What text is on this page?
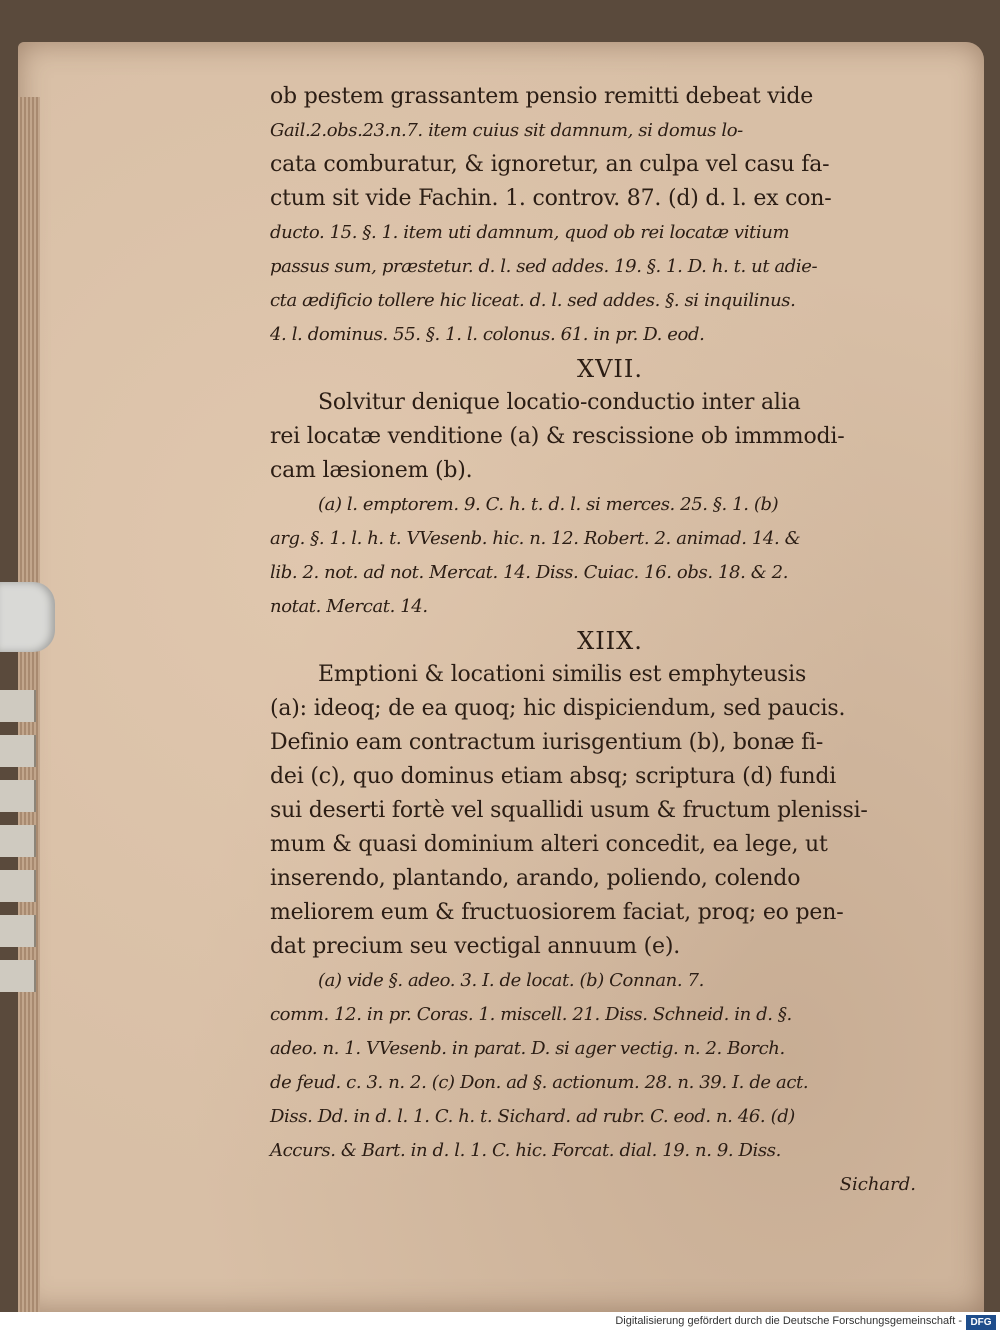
ob pestem grassantem pensio remitti debeat vide
Gail.2.obs.23.n.7. item cuius sit damnum, si domus lo-
cata comburatur, & ignoretur, an culpa vel casu fa-
ctum sit vide Fachin. 1. controv. 87. (d) d. l. ex con-
ducto. 15. §. 1. item uti damnum, quod ob rei locatæ vitium
passus sum, præstetur. d. l. sed addes. 19. §. 1. D. h. t. ut adie-
cta ædificio tollere hic liceat. d. l. sed addes. §. si inquilinus.
4. l. dominus. 55. §. 1. l. colonus. 61. in pr. D. eod.
XVII.
Solvitur denique locatio-conductio inter alia
rei locatæ venditione (a) & rescissione ob immmodi-
cam læsionem (b).
(a) l. emptorem. 9. C. h. t. d. l. si merces. 25. §. 1. (b)
arg. §. 1. l. h. t. VVesenb. hic. n. 12. Robert. 2. animad. 14. &
lib. 2. not. ad not. Mercat. 14. Diss. Cuiac. 16. obs. 18. & 2.
notat. Mercat. 14.
XIIX.
Emptioni & locationi similis est emphyteusis
(a): ideoq; de ea quoq; hic dispiciendum, sed paucis.
Definio eam contractum iurisgentium (b), bonæ fi-
dei (c), quo dominus etiam absq; scriptura (d) fundi
sui deserti fortè vel squallidi usum & fructum plenissi-
mum & quasi dominium alteri concedit, ea lege, ut
inserendo, plantando, arando, poliendo, colendo
meliorem eum & fructuosiorem faciat, proq; eo pen-
dat precium seu vectigal annuum (e).
(a) vide §. adeo. 3. I. de locat. (b) Connan. 7.
comm. 12. in pr. Coras. 1. miscell. 21. Diss. Schneid. in d. §.
adeo. n. 1. VVesenb. in parat. D. si ager vectig. n. 2. Borch.
de feud. c. 3. n. 2. (c) Don. ad §. actionum. 28. n. 39. I. de act.
Diss. Dd. in d. l. 1. C. h. t. Sichard. ad rubr. C. eod. n. 46. (d)
Accurs. & Bart. in d. l. 1. C. hic. Forcat. dial. 19. n. 9. Diss.
Sichard.
Digitalisierung gefördert durch die Deutsche Forschungsgemeinschaft - DFG
